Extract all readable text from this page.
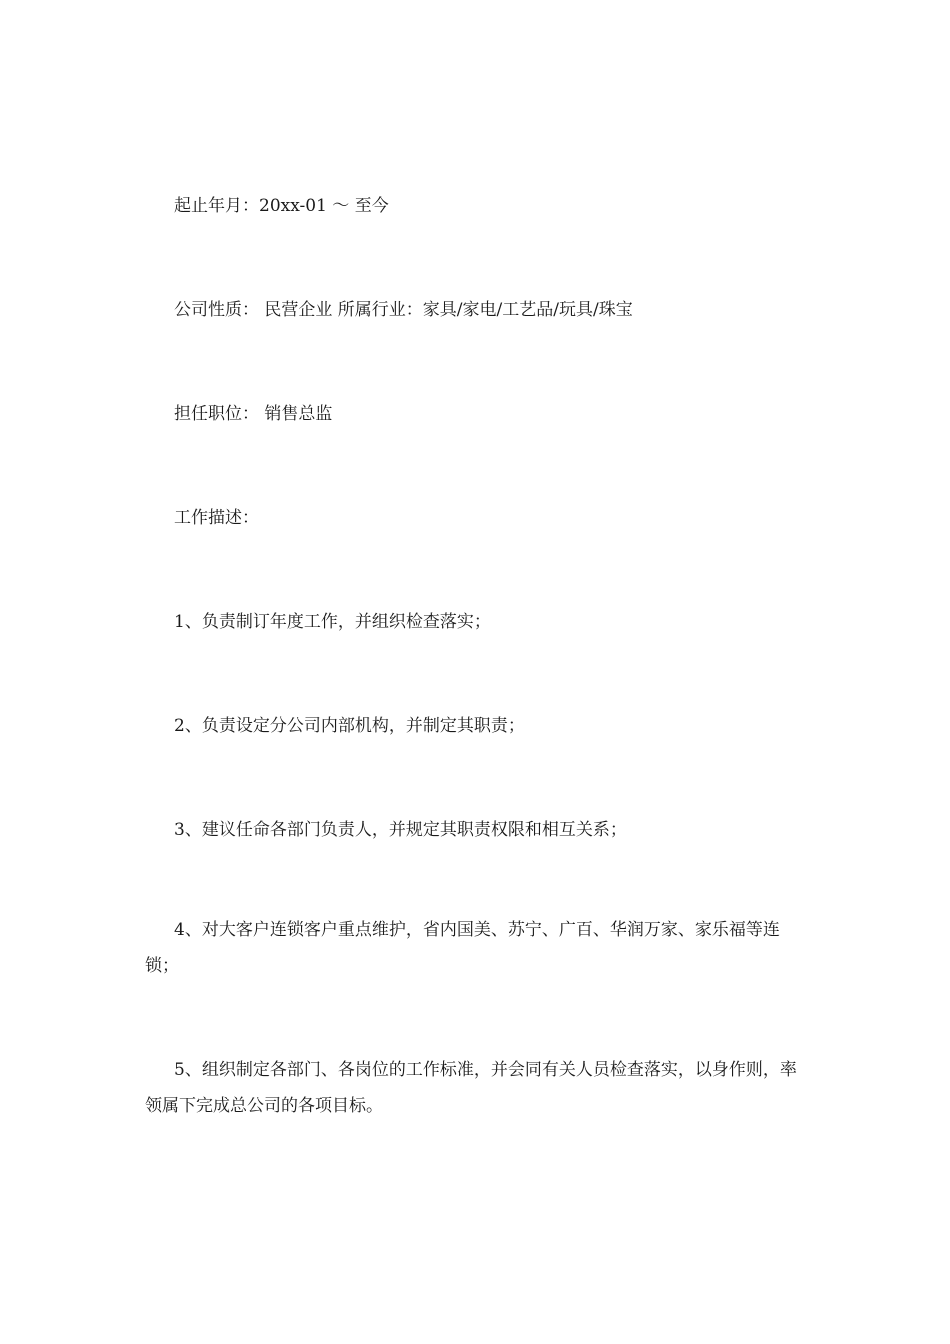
起止年月：20xx-01 ～ 至今

公司性质： 民营企业 所属行业：家具/家电/工艺品/玩具/珠宝

担任职位： 销售总监

工作描述：

1、负责制订年度工作，并组织检查落实；

2、负责设定分公司内部机构，并制定其职责；

3、建议任命各部门负责人，并规定其职责权限和相互关系；

4、对大客户连锁客户重点维护，省内国美、苏宁、广百、华润万家、家乐福等连锁；

5、组织制定各部门、各岗位的工作标准，并会同有关人员检查落实，以身作则，率领属下完成总公司的各项目标。
